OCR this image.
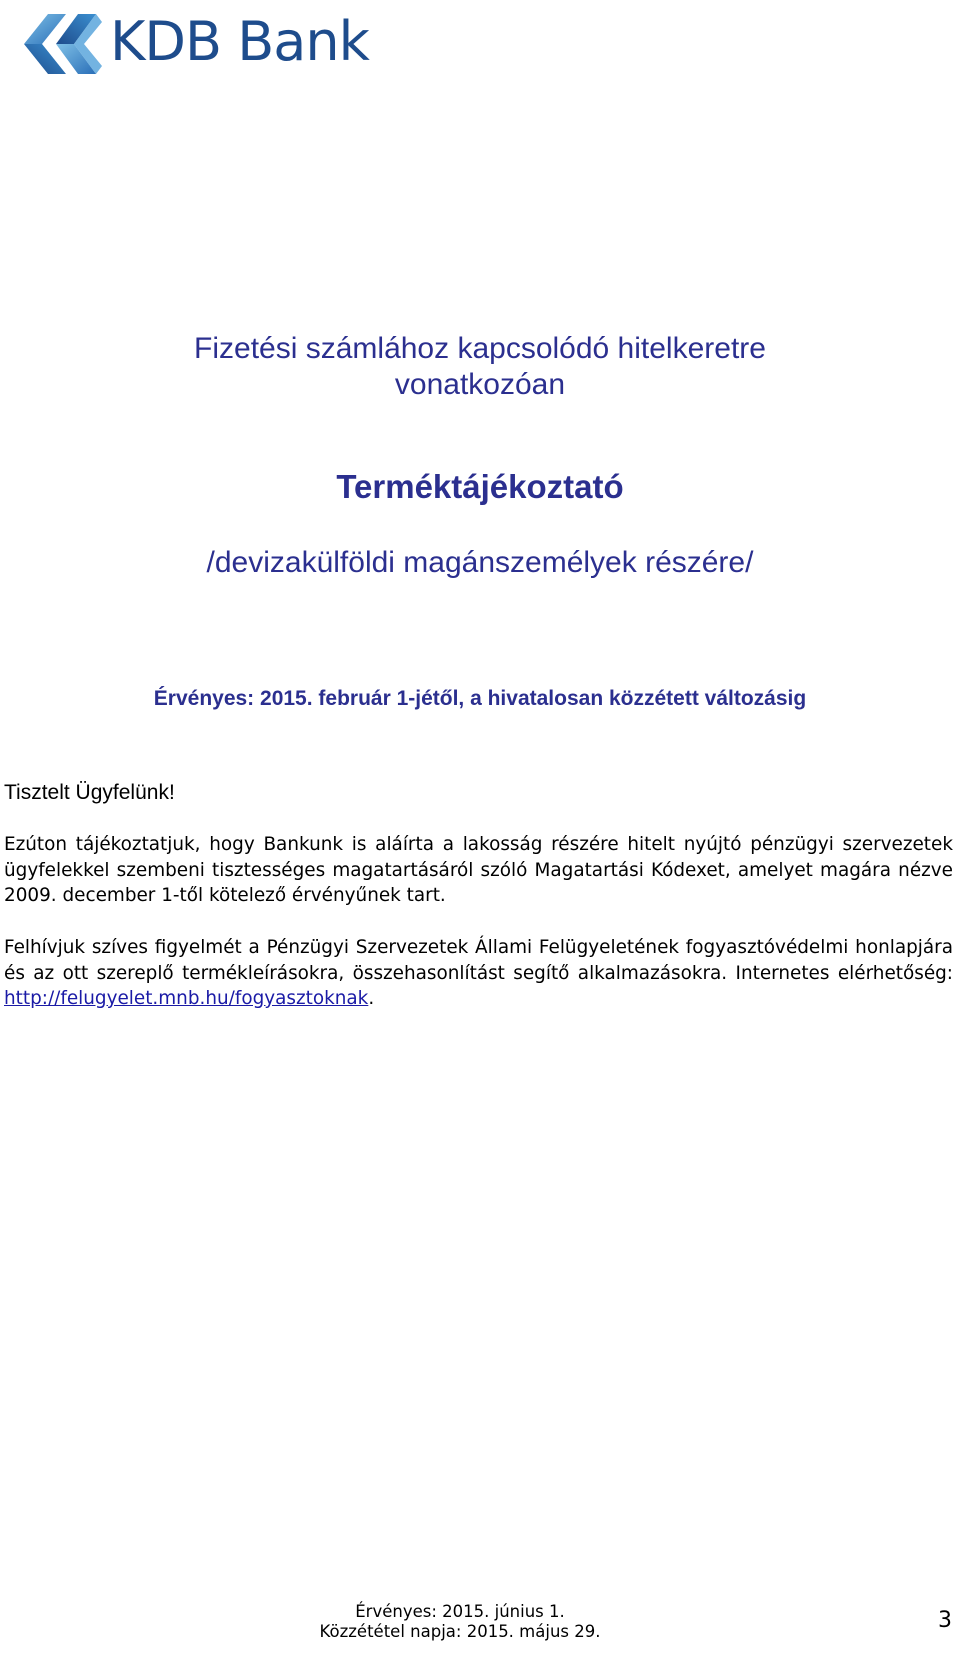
KDB Bank
Fizetési számlához kapcsolódó hitelkeretre
vonatkozóan
Terméktájékoztató
/devizakülföldi magánszemélyek részére/
Érvényes: 2015. február 1-jétől, a hivatalosan közzétett változásig
Tisztelt Ügyfelünk!
Ezúton tájékoztatjuk, hogy Bankunk is aláírta a lakosság részére hitelt nyújtó pénzügyi szervezetek ügyfelekkel szembeni tisztességes magatartásáról szóló Magatartási Kódexet, amelyet magára nézve 2009. december 1-től kötelező érvényűnek tart.
Felhívjuk szíves figyelmét a Pénzügyi Szervezetek Állami Felügyeletének fogyasztóvédelmi honlapjára és az ott szereplő termékleírásokra, összehasonlítást segítő alkalmazásokra. Internetes elérhetőség: http://felugyelet.mnb.hu/fogyasztoknak.
Érvényes: 2015. június 1.
Közzététel napja: 2015. május 29.	3
